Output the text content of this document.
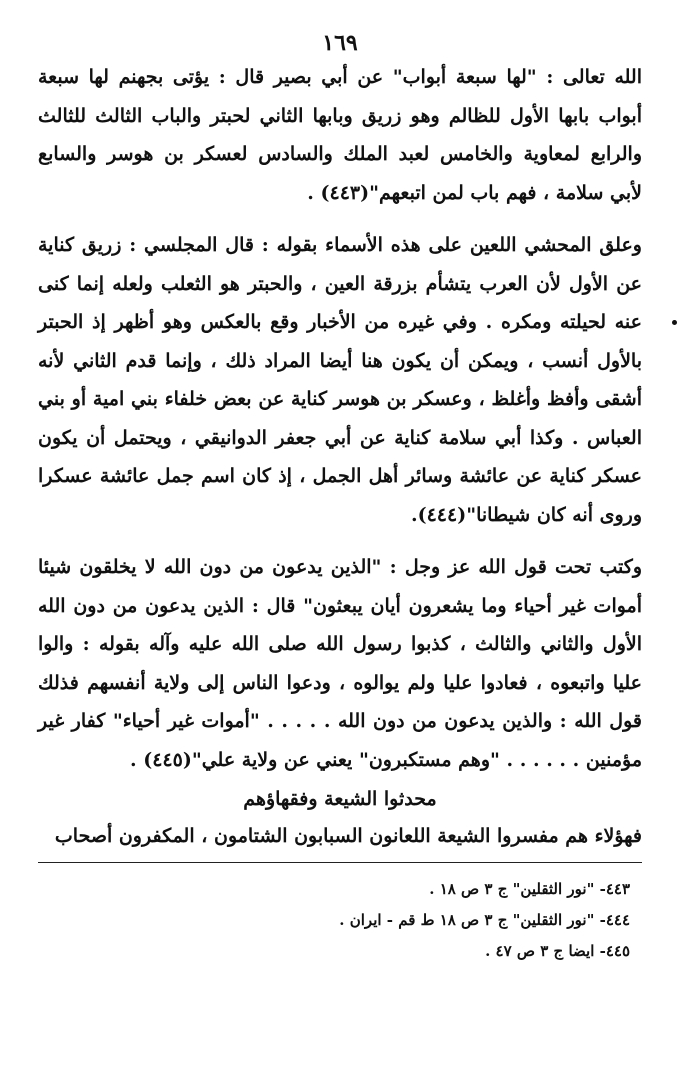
١٦٩

الله تعالى : "لها سبعة أبواب" عن أبي بصير قال : يؤتى بجهنم لها سبعة أبواب بابها الأول للظالم وهو زريق وبابها الثاني لحبتر والباب الثالث للثالث والرابع لمعاوية والخامس لعبد الملك والسادس لعسكر بن هوسر والسابع لأبي سلامة ، فهم باب لمن اتبعهم"(٤٤٣) .

وعلق المحشي اللعين على هذه الأسماء بقوله : قال المجلسي : زريق كناية عن الأول لأن العرب يتشأم بزرقة العين ، والحبتر هو الثعلب ولعله إنما كنى عنه لحيلته ومكره . وفي غيره من الأخبار وقع بالعكس وهو أظهر إذ الحبتر بالأول أنسب ، ويمكن أن يكون هنا أيضا المراد ذلك ، وإنما قدم الثاني لأنه أشقى وأفظ وأغلظ ، وعسكر بن هوسر كناية عن بعض خلفاء بني امية أو بني العباس . وكذا أبي سلامة كناية عن أبي جعفر الدوانيقي ، ويحتمل أن يكون عسكر كناية عن عائشة وسائر أهل الجمل ، إذ كان اسم جمل عائشة عسكرا وروى أنه كان شيطانا"(٤٤٤).

وكتب تحت قول الله عز وجل : "الذين يدعون من دون الله لا يخلقون شيئا أموات غير أحياء وما يشعرون أيان يبعثون" قال : الذين يدعون من دون الله الأول والثاني والثالث ، كذبوا رسول الله صلى الله عليه وآله بقوله : والوا عليا واتبعوه ، فعادوا عليا ولم يوالوه ، ودعوا الناس إلى ولاية أنفسهم فذلك قول الله : والذين يدعون من دون الله . . . . . "أموات غير أحياء" كفار غير مؤمنين . . . . . . "وهم مستكبرون" يعني عن ولاية علي"(٤٤٥) .

محدثوا الشيعة وفقهاؤهم

فهؤلاء هم مفسروا الشيعة اللعانون السبابون الشتامون ، المكفرون أصحاب

٤٤٣- "نور الثقلين" ج ٣ ص ١٨ .
٤٤٤- "نور الثقلين" ج ٣ ص ١٨ ط قم - ايران .
٤٤٥- ايضا ج ٣ ص ٤٧ .
